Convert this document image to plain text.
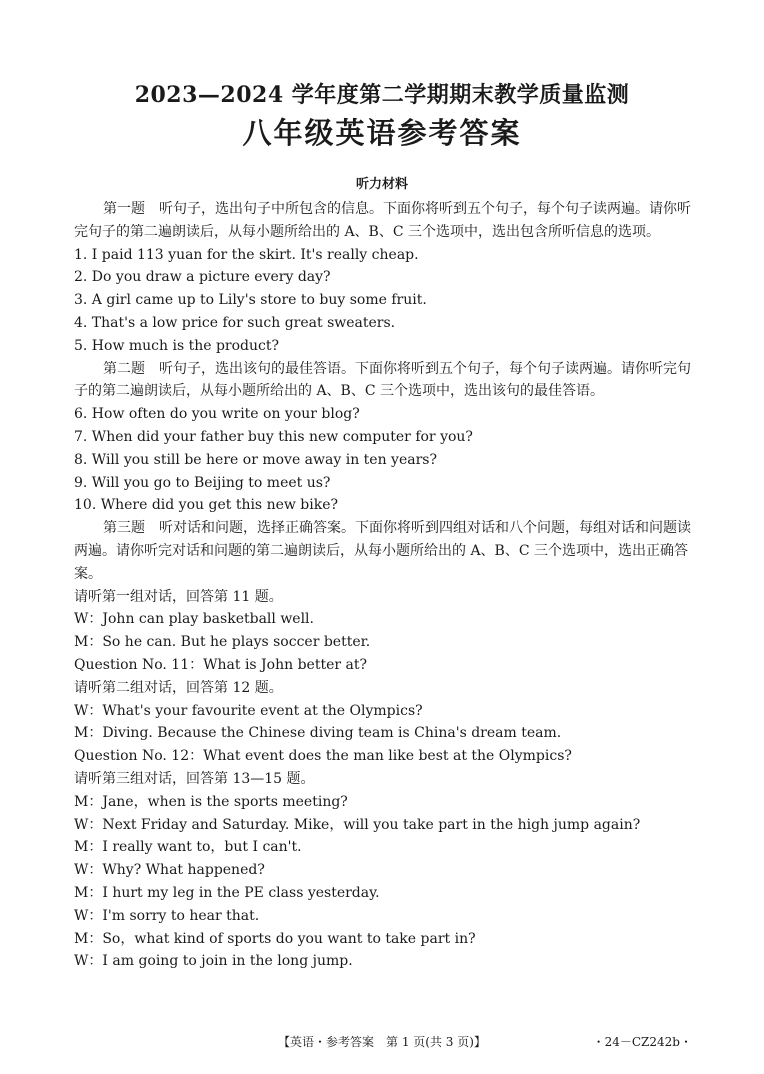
2023—2024 学年度第二学期期末教学质量监测
八年级英语参考答案
听力材料

第一题　听句子，选出句子中所包含的信息。下面你将听到五个句子，每个句子读两遍。请你听完句子的第二遍朗读后，从每小题所给出的 A、B、C 三个选项中，选出包含所听信息的选项。

1. I paid 113 yuan for the skirt. It's really cheap.

2. Do you draw a picture every day?

3. A girl came up to Lily's store to buy some fruit.

4. That's a low price for such great sweaters.

5. How much is the product?

第二题　听句子，选出该句的最佳答语。下面你将听到五个句子，每个句子读两遍。请你听完句子的第二遍朗读后，从每小题所给出的 A、B、C 三个选项中，选出该句的最佳答语。

6. How often do you write on your blog?

7. When did your father buy this new computer for you?

8. Will you still be here or move away in ten years?

9. Will you go to Beijing to meet us?

10. Where did you get this new bike?

第三题　听对话和问题，选择正确答案。下面你将听到四组对话和八个问题，每组对话和问题读两遍。请你听完对话和问题的第二遍朗读后，从每小题所给出的 A、B、C 三个选项中，选出正确答案。

请听第一组对话，回答第 11 题。

W：John can play basketball well.

M：So he can. But he plays soccer better.

Question No. 11：What is John better at?

请听第二组对话，回答第 12 题。

W：What's your favourite event at the Olympics?

M：Diving. Because the Chinese diving team is China's dream team.

Question No. 12：What event does the man like best at the Olympics?

请听第三组对话，回答第 13—15 题。

M：Jane，when is the sports meeting?

W：Next Friday and Saturday. Mike，will you take part in the high jump again?

M：I really want to，but I can't.

W：Why? What happened?

M：I hurt my leg in the PE class yesterday.

W：I'm sorry to hear that.

M：So，what kind of sports do you want to take part in?

W：I am going to join in the long jump.

【英语・参考答案　第 1 页(共 3 页)】	・24－CZ242b・
